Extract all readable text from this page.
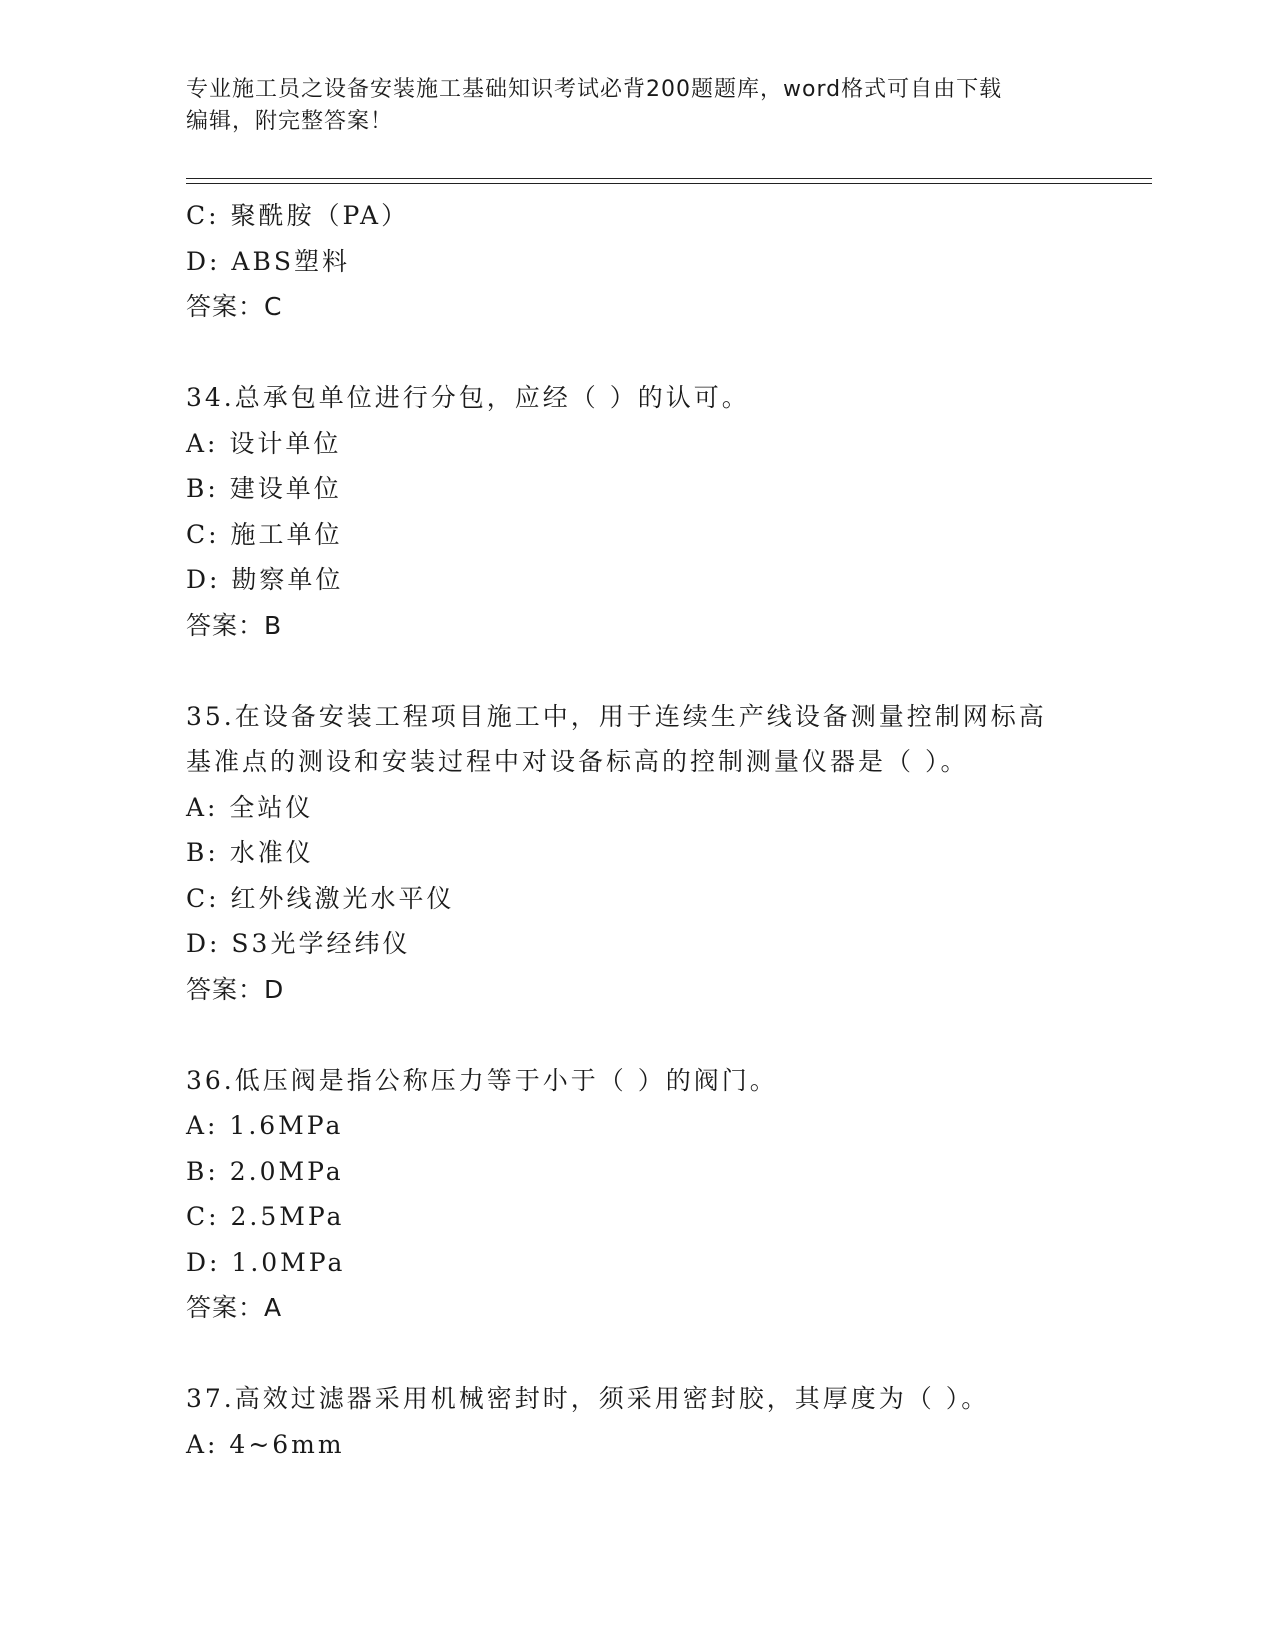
专业施工员之设备安装施工基础知识考试必背200题题库，word格式可自由下载
编辑，附完整答案！
C: 聚酰胺（PA）
D: ABS塑料
答案：C
34.总承包单位进行分包，应经（ ）的认可。
A: 设计单位
B: 建设单位
C: 施工单位
D: 勘察单位
答案：B
35.在设备安装工程项目施工中，用于连续生产线设备测量控制网标高
基准点的测设和安装过程中对设备标高的控制测量仪器是（ ）。
A: 全站仪
B: 水准仪
C: 红外线激光水平仪
D: S3光学经纬仪
答案：D
36.低压阀是指公称压力等于小于（ ）的阀门。
A: 1.6MPa
B: 2.0MPa
C: 2.5MPa
D: 1.0MPa
答案：A
37.高效过滤器采用机械密封时，须采用密封胶，其厚度为（ ）。
A: 4~6mm
